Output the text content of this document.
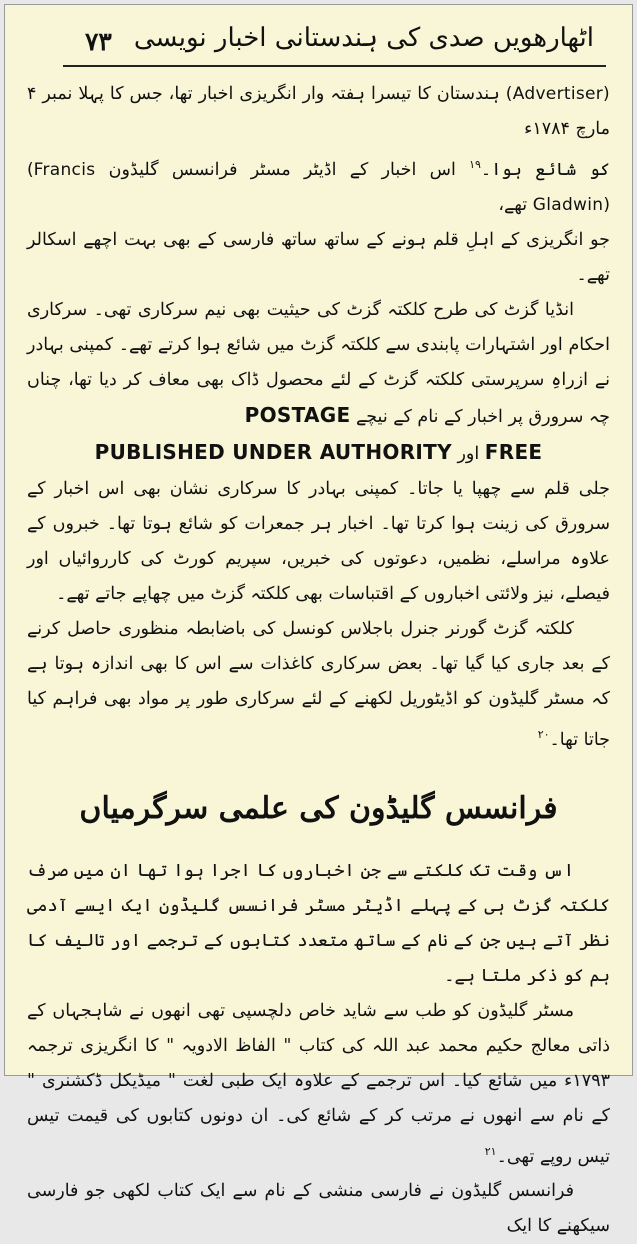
۷۳ اٹھارھویں صدی کی ہندستانی اخبار نویسی

(Advertiser) ہندستان کا تیسرا ہفتہ وار انگریزی اخبار تھا، جس کا پہلا نمبر ۴ مارچ ۱۷۸۴ء
کو شائع ہوا۔$^{۱۹}$ اس اخبار کے اڈیٹر مسٹر فرانسس گلیڈون (Francis Gladwin) تھے،
جو انگریزی کے اہلِ قلم ہونے کے ساتھ ساتھ فارسی کے بھی بہت اچھے اسکالر تھے۔

انڈیا گزٹ کی طرح کلکتہ گزٹ کی حیثیت بھی نیم سرکاری تھی۔ سرکاری احکام اور اشتہارات پابندی سے کلکتہ گزٹ میں شائع ہوا کرتے تھے۔ کمپنی بہادر نے ازراہِ سرپرستی کلکتہ گزٹ کے لئے محصول ڈاک بھی معاف کر دیا تھا، چناں چہ سرورق پر اخبار کے نام کے نیچے POSTAGE

FREE اور PUBLISHED UNDER AUTHORITY

جلی قلم سے چھپا یا جاتا۔ کمپنی بہادر کا سرکاری نشان بھی اس اخبار کے سرورق کی زینت ہوا کرتا تھا۔ اخبار ہر جمعرات کو شائع ہوتا تھا۔ خبروں کے علاوہ مراسلے، نظمیں، دعوتوں کی خبریں، سپریم کورٹ کی کارروائیاں اور فیصلے، نیز ولائتی اخباروں کے اقتباسات بھی کلکتہ گزٹ میں چھاپے جاتے تھے۔

کلکتہ گزٹ گورنر جنرل باجلاس کونسل کی باضابطہ منظوری حاصل کرنے کے بعد جاری کیا گیا تھا۔ بعض سرکاری کاغذات سے اس کا بھی اندازہ ہوتا ہے کہ مسٹر گلیڈون کو اڈیٹوریل لکھنے کے لئے سرکاری طور پر مواد بھی فراہم کیا جاتا تھا۔$^{۲۰}$

فرانسس گلیڈون کی علمی سرگرمیاں

اس وقت تک کلکتے سے جن اخباروں کا اجرا ہوا تھا ان میں صرف کلکتہ گزٹ ہی کے پہلے اڈیٹر مسٹر فرانسس گلیڈون ایک ایسے آدمی نظر آتے ہیں جن کے نام کے ساتھ متعدد کتابوں کے ترجمے اور تالیف کا ہم کو ذکر ملتا ہے۔

مسٹر گلیڈون کو طب سے شاید خاص دلچسپی تھی انھوں نے شاہجہاں کے ذاتی معالج حکیم محمد عبد اللہ کی کتاب " الفاظ الادویہ " کا انگریزی ترجمہ ۱۷۹۳ء میں شائع کیا۔ اس ترجمے کے علاوہ ایک طبی لغت " میڈیکل ڈکشنری " کے نام سے انھوں نے مرتب کر کے شائع کی۔ ان دونوں کتابوں کی قیمت تیس تیس روپے تھی۔$^{۲۱}$

فرانسس گلیڈون نے فارسی منشی کے نام سے ایک کتاب لکھی جو فارسی سیکھنے کا ایک
